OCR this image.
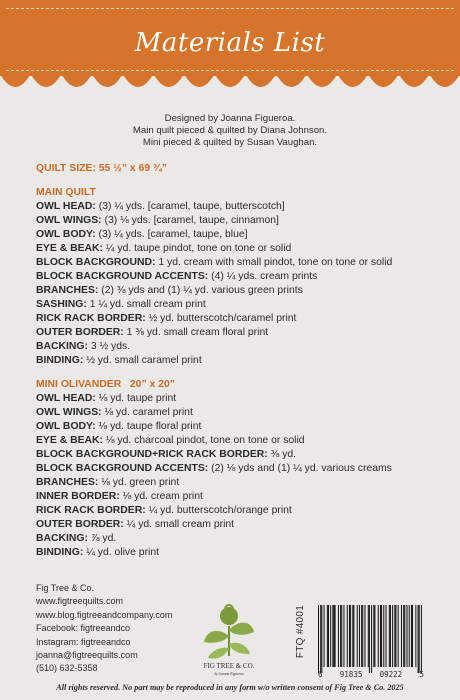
Materials List
Designed by Joanna Figueroa.
Main quilt pieced & quilted by Diana Johnson.
Mini pieced & quilted by Susan Vaughan.
QUILT SIZE: 55 ½” x 69 ¾”
MAIN QUILT
OWL HEAD: (3) ¼ yds. [caramel, taupe, butterscotch]
OWL WINGS: (3) ⅛ yds. [caramel, taupe, cinnamon]
OWL BODY: (3) ¼ yds. [caramel, taupe, blue]
EYE & BEAK: ¼ yd. taupe pindot, tone on tone or solid
BLOCK BACKGROUND: 1 yd. cream with small pindot, tone on tone or solid
BLOCK BACKGROUND ACCENTS: (4) ¼ yds. cream prints
BRANCHES: (2) ⅜ yds and (1) ¼ yd. various green prints
SASHING: 1 ¼ yd. small cream print
RICK RACK BORDER: ½ yd. butterscotch/caramel print
OUTER BORDER: 1 ⅜ yd. small cream floral print
BACKING: 3 ½ yds.
BINDING: ½ yd. small caramel print
MINI OLIVANDER   20” x 20”
OWL HEAD: ⅛ yd. taupe print
OWL WINGS: ⅛ yd. caramel print
OWL BODY: ⅛ yd. taupe floral print
EYE & BEAK: ⅛ yd. charcoal pindot, tone on tone or solid
BLOCK BACKGROUND+RICK RACK BORDER: ⅜ yd.
BLOCK BACKGROUND ACCENTS: (2) ⅛ yds and (1) ¼ yd. various creams
BRANCHES: ⅛ yd. green print
INNER BORDER: ⅛ yd. cream print
RICK RACK BORDER: ¼ yd. butterscotch/orange print
OUTER BORDER: ¼ yd. small cream print
BACKING: ⅞ yd.
BINDING: ¼ yd. olive print
Fig Tree & Co.
www.figtreequilts.com
www.blog.figtreeandcompany.com
Facebook: figtreeandco
Instagram: figtreeandco
joanna@figtreequilts.com
(510) 632-5358	FIG TREE & CO.
by Joanna Figueroa
FTQ #4001
6 91835 09222 5
All rights reserved. No part may be reproduced in any form w/o written consent of Fig Tree & Co. 2025
